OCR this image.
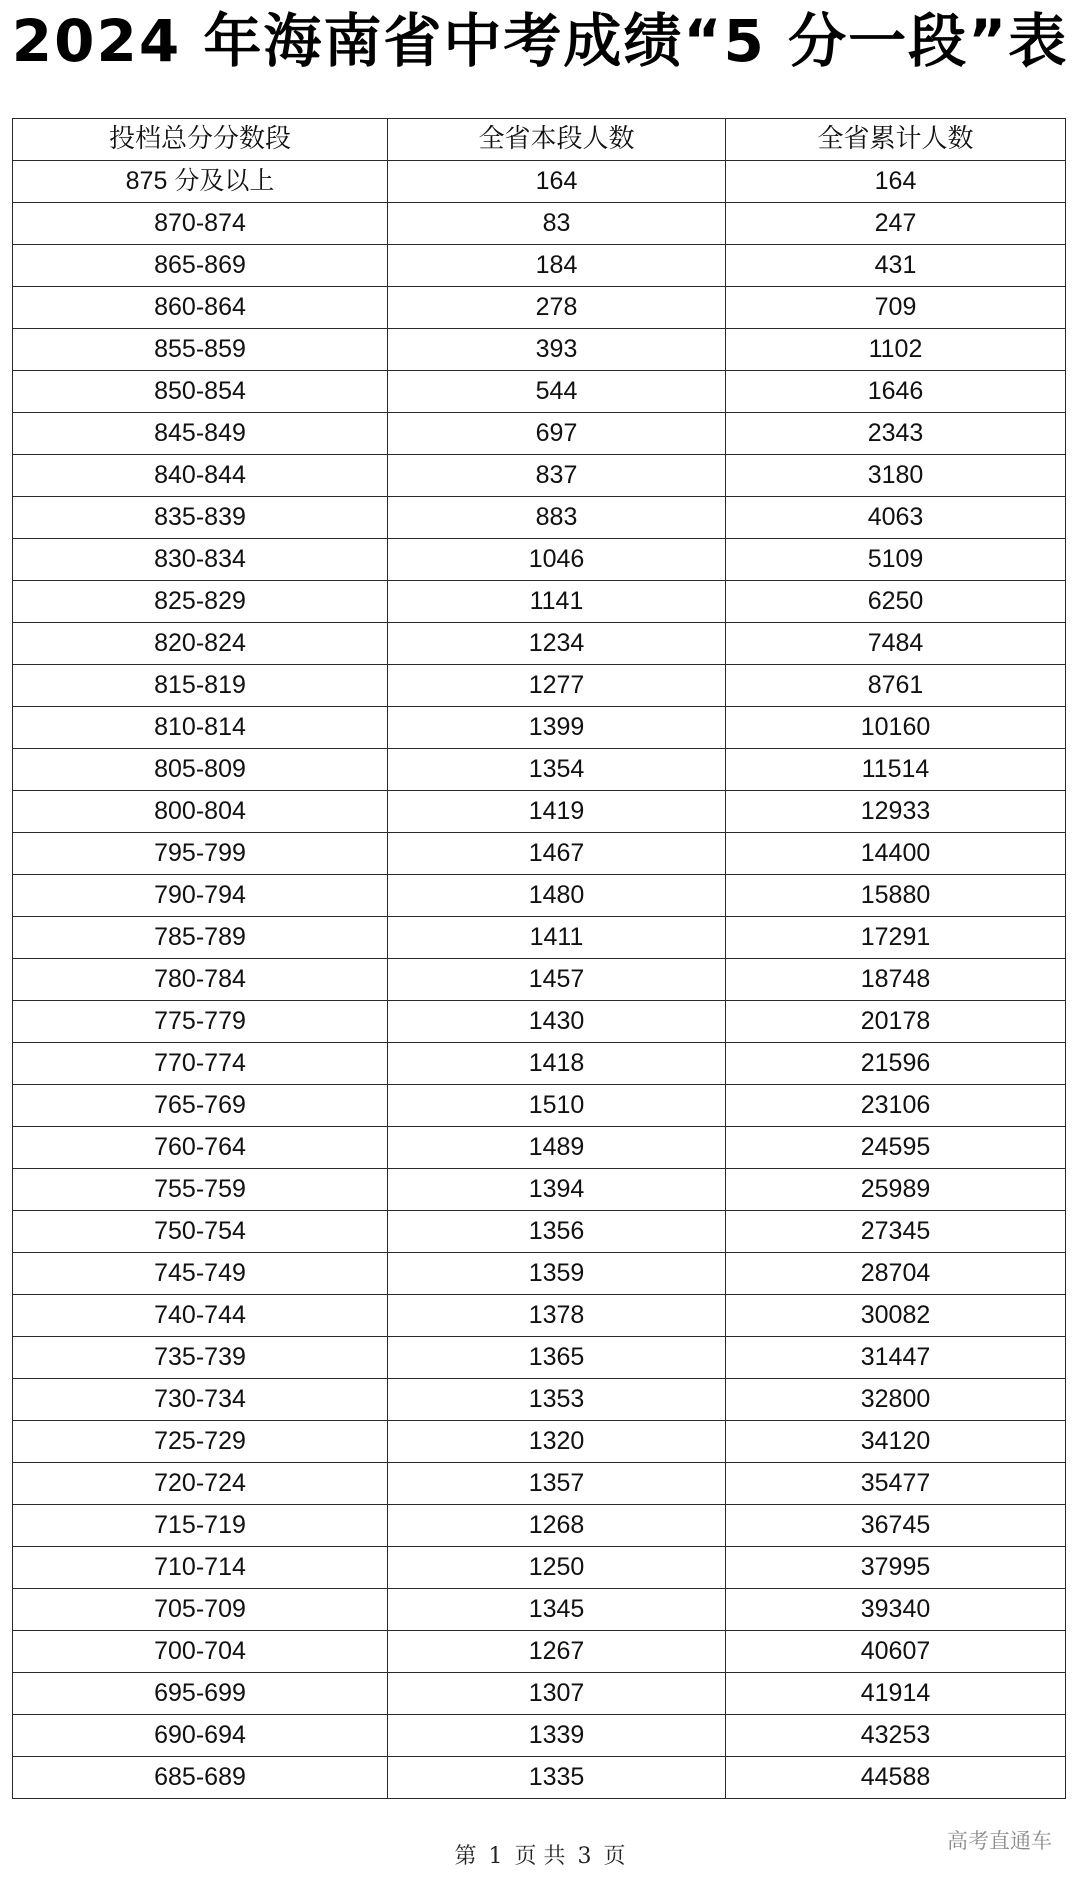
2024 年海南省中考成绩“5 分一段”表
投档总分分数段	全省本段人数	全省累计人数
875 分及以上	164	164
870-874	83	247
865-869	184	431
860-864	278	709
855-859	393	1102
850-854	544	1646
845-849	697	2343
840-844	837	3180
835-839	883	4063
830-834	1046	5109
825-829	1141	6250
820-824	1234	7484
815-819	1277	8761
810-814	1399	10160
805-809	1354	11514
800-804	1419	12933
795-799	1467	14400
790-794	1480	15880
785-789	1411	17291
780-784	1457	18748
775-779	1430	20178
770-774	1418	21596
765-769	1510	23106
760-764	1489	24595
755-759	1394	25989
750-754	1356	27345
745-749	1359	28704
740-744	1378	30082
735-739	1365	31447
730-734	1353	32800
725-729	1320	34120
720-724	1357	35477
715-719	1268	36745
710-714	1250	37995
705-709	1345	39340
700-704	1267	40607
695-699	1307	41914
690-694	1339	43253
685-689	1335	44588
第 1 页 共 3 页
高考直通车
